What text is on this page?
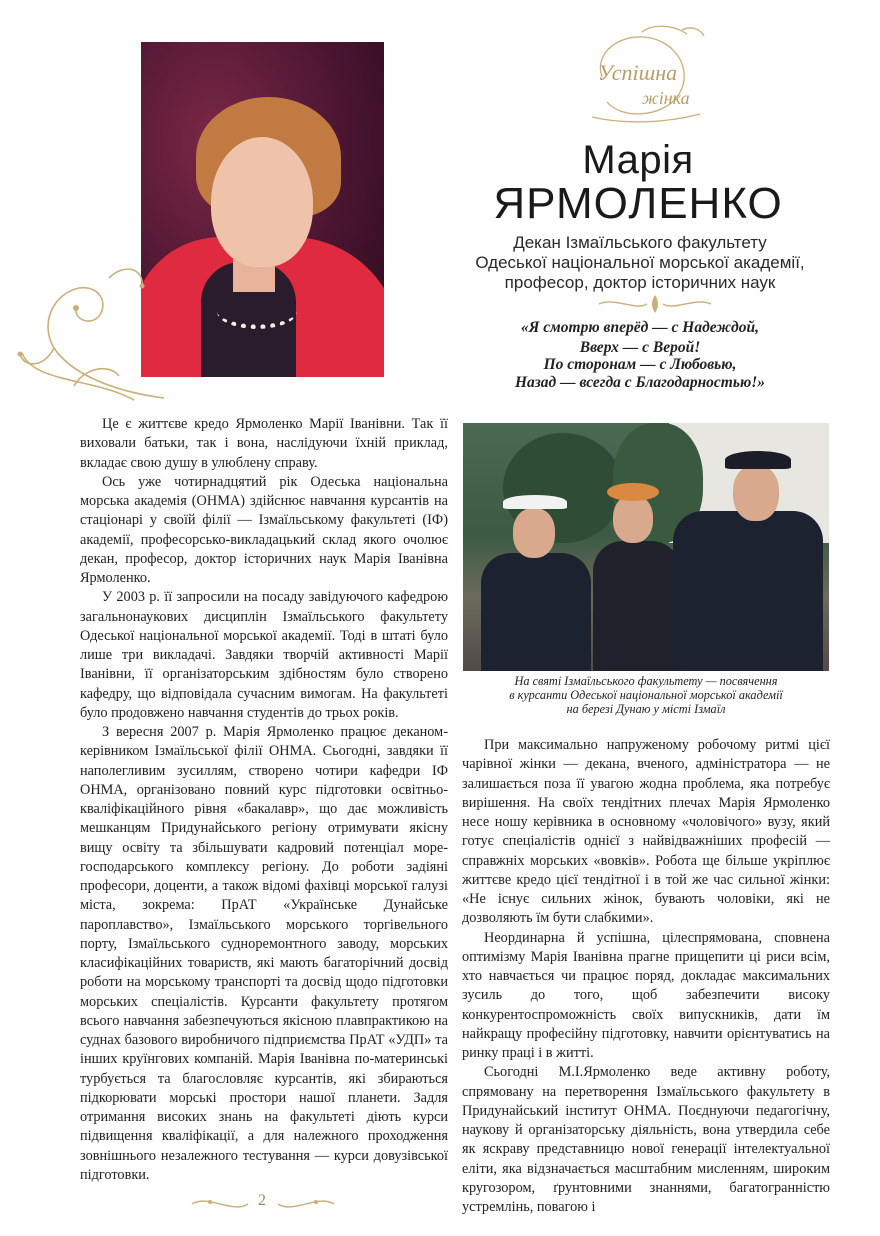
Успішна
жінка
Марія
ЯРМОЛЕНКО
Декан Ізмаїльського факультету
Одеської національної морської академії,
професор, доктор історичних наук
«Я смотрю вперёд — с Надеждой,
Вверх — с Верой!
По сторонам — с Любовью,
Назад — всегда с Благодарностью!»

Це є життєве кредо Ярмоленко Марії Іванівни. Так її виховали батьки, так і вона, наслідуючи їхній приклад, вкладає свою душу в улюблену справу.

Ось уже чотирнадцятий рік Одеська національна морська академія (ОНМА) здійснює навчання курсантів на стаціонарі у своїй філії — Ізмаїльському факультеті (ІФ) академії, професорсько-викладацький склад якого очолює декан, професор, доктор історичних наук Марія Іванівна Ярмоленко.

У 2003 р. її запросили на посаду завідуючого кафедрою загальнонаукових дисциплін Ізмаїльського факультету Одеської національної морської академії. Тоді в штаті було лише три викладачі. Завдяки творчій активності Марії Іванівни, її організаторським здібностям було створено кафедру, що відповідала сучасним вимогам. На факультеті було продовжено навчання студентів до трьох років.

З вересня 2007 р. Марія Ярмоленко працює деканом-керівником Ізмаїльської філії ОНМА. Сьогодні, завдяки її наполегливим зусиллям, створено чотири кафедри ІФ ОНМА, організовано повний курс підготовки освітньо-кваліфікаційного рівня «бакалавр», що дає можливість мешканцям Придунайського регіону отримувати якісну вищу освіту та збільшувати кадровий потенціал море-господарського комплексу регіону. До роботи задіяні професори, доценти, а також відомі фахівці морської галузі міста, зокрема: ПрАТ «Українське Дунайське пароплавство», Ізмаїльського морського торгівельного порту, Ізмаїльського судноремонтного заводу, морських класифікаційних товариств, які мають багаторічний досвід роботи на морському транспорті та досвід щодо підготовки морських спеціалістів. Курсанти факультету протягом всього навчання забезпечуються якісною плавпрактикою на суднах базового виробничого підприємства ПрАТ «УДП» та інших круїнгових компаній. Марія Іванівна по-материнські турбується та благословляє курсантів, які збираються підкорювати морські простори нашої планети. Задля отримання високих знань на факультеті діють курси підвищення кваліфікації, а для належного проходження зовнішнього незалежного тестування — курси довузівської підготовки.

На святі Ізмаїльського факультету — посвячення
в курсанти Одеської національної морської академії
на березі Дунаю у місті Ізмаїл

При максимально напруженому робочому ритмі цієї чарівної жінки — декана, вченого, адміністратора — не залишається поза її увагою жодна проблема, яка потребує вирішення. На своїх тендітних плечах Марія Ярмоленко несе ношу керівника в основному «чоловічого» вузу, який готує спеціалістів однієї з найвідважніших професій — справжніх морських «вовків». Робота ще більше укріплює життєве кредо цієї тендітної і в той же час сильної жінки: «Не існує сильних жінок, бувають чоловіки, які не дозволяють їм бути слабкими».

Неординарна й успішна, цілеспрямована, сповнена оптимізму Марія Іванівна прагне прищепити ці риси всім, хто навчається чи працює поряд, докладає максимальних зусиль до того, щоб забезпечити високу конкурентоспроможність своїх випускників, дати їм найкращу професійну підготовку, навчити орієнтуватись на ринку праці і в житті.

Сьогодні М.І.Ярмоленко веде активну роботу, спрямовану на перетворення Ізмаїльського факультету в Придунайський інститут ОНМА. Поєднуючи педагогічну, наукову й організаторську діяльність, вона утвердила себе як яскраву представницю нової генерації інтелектуальної еліти, яка відзначається масштабним мисленням, широким кругозором, ґрунтовними знаннями, багатогранністю устремлінь, повагою і

2
